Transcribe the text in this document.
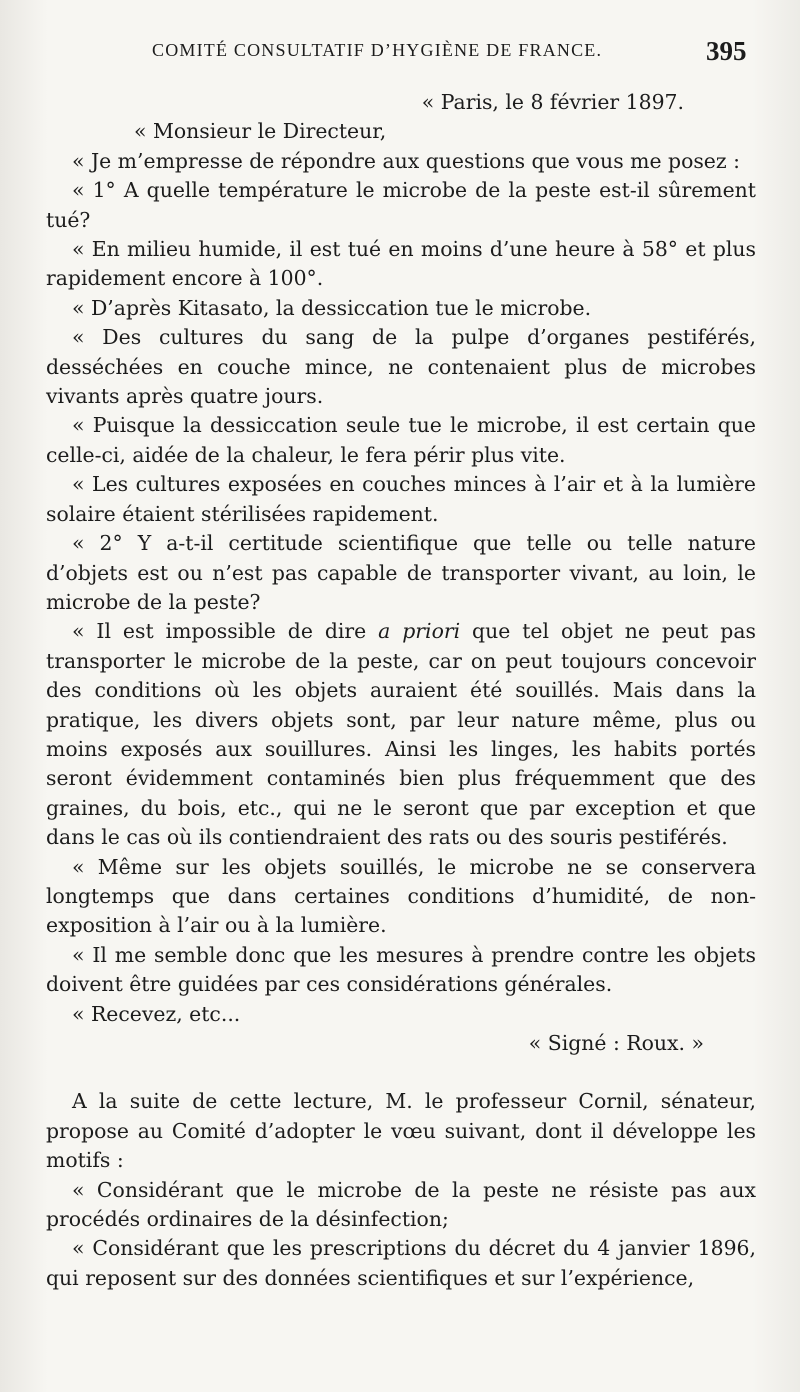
COMITÉ CONSULTATIF D’HYGIÈNE DE FRANCE.	395

« Paris, le 8 février 1897.

« Monsieur le Directeur,

« Je m’empresse de répondre aux questions que vous me posez :

« 1° A quelle température le microbe de la peste est-il sûrement tué?

« En milieu humide, il est tué en moins d’une heure à 58° et plus rapidement encore à 100°.

« D’après Kitasato, la dessiccation tue le microbe.

« Des cultures du sang de la pulpe d’organes pestiférés, desséchées en couche mince, ne contenaient plus de microbes vivants après quatre jours.

« Puisque la dessiccation seule tue le microbe, il est certain que celle-ci, aidée de la chaleur, le fera périr plus vite.

« Les cultures exposées en couches minces à l’air et à la lumière solaire étaient stérilisées rapidement.

« 2° Y a-t-il certitude scientifique que telle ou telle nature d’objets est ou n’est pas capable de transporter vivant, au loin, le microbe de la peste?

« Il est impossible de dire a priori que tel objet ne peut pas transporter le microbe de la peste, car on peut toujours concevoir des conditions où les objets auraient été souillés. Mais dans la pratique, les divers objets sont, par leur nature même, plus ou moins exposés aux souillures. Ainsi les linges, les habits portés seront évidemment contaminés bien plus fréquemment que des graines, du bois, etc., qui ne le seront que par exception et que dans le cas où ils contiendraient des rats ou des souris pestiférés.

« Même sur les objets souillés, le microbe ne se conservera longtemps que dans certaines conditions d’humidité, de non-exposition à l’air ou à la lumière.

« Il me semble donc que les mesures à prendre contre les objets doivent être guidées par ces considérations générales.

« Recevez, etc...

« Signé : Roux. »

A la suite de cette lecture, M. le professeur Cornil, sénateur, propose au Comité d’adopter le vœu suivant, dont il développe les motifs :

« Considérant que le microbe de la peste ne résiste pas aux procédés ordinaires de la désinfection;

« Considérant que les prescriptions du décret du 4 janvier 1896, qui reposent sur des données scientifiques et sur l’expérience,
